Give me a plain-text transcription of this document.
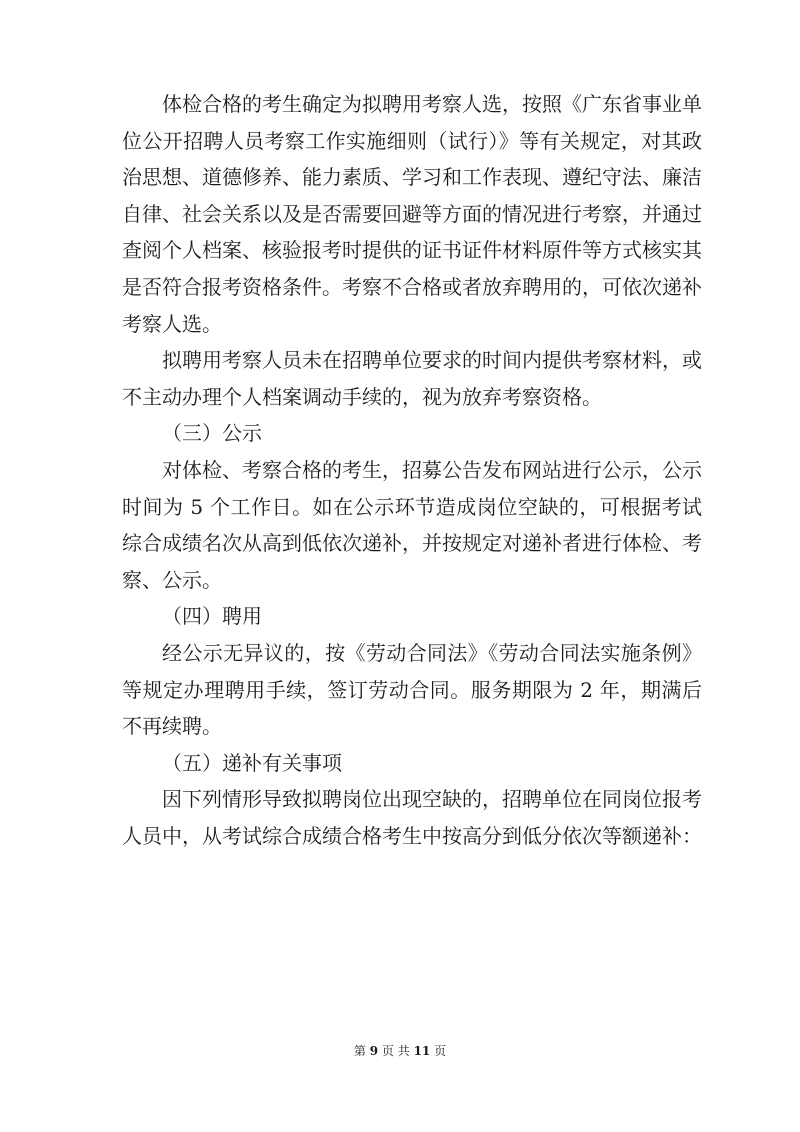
体检合格的考生确定为拟聘用考察人选，按照《广东省事业单位公开招聘人员考察工作实施细则（试行）》等有关规定，对其政治思想、道德修养、能力素质、学习和工作表现、遵纪守法、廉洁自律、社会关系以及是否需要回避等方面的情况进行考察，并通过查阅个人档案、核验报考时提供的证书证件材料原件等方式核实其是否符合报考资格条件。考察不合格或者放弃聘用的，可依次递补考察人选。

拟聘用考察人员未在招聘单位要求的时间内提供考察材料，或不主动办理个人档案调动手续的，视为放弃考察资格。

（三）公示

对体检、考察合格的考生，招募公告发布网站进行公示，公示时间为 5 个工作日。如在公示环节造成岗位空缺的，可根据考试综合成绩名次从高到低依次递补，并按规定对递补者进行体检、考察、公示。

（四）聘用

经公示无异议的，按《劳动合同法》《劳动合同法实施条例》等规定办理聘用手续，签订劳动合同。服务期限为 2 年，期满后不再续聘。

（五）递补有关事项

因下列情形导致拟聘岗位出现空缺的，招聘单位在同岗位报考人员中，从考试综合成绩合格考生中按高分到低分依次等额递补：

第 9 页 共 11 页
